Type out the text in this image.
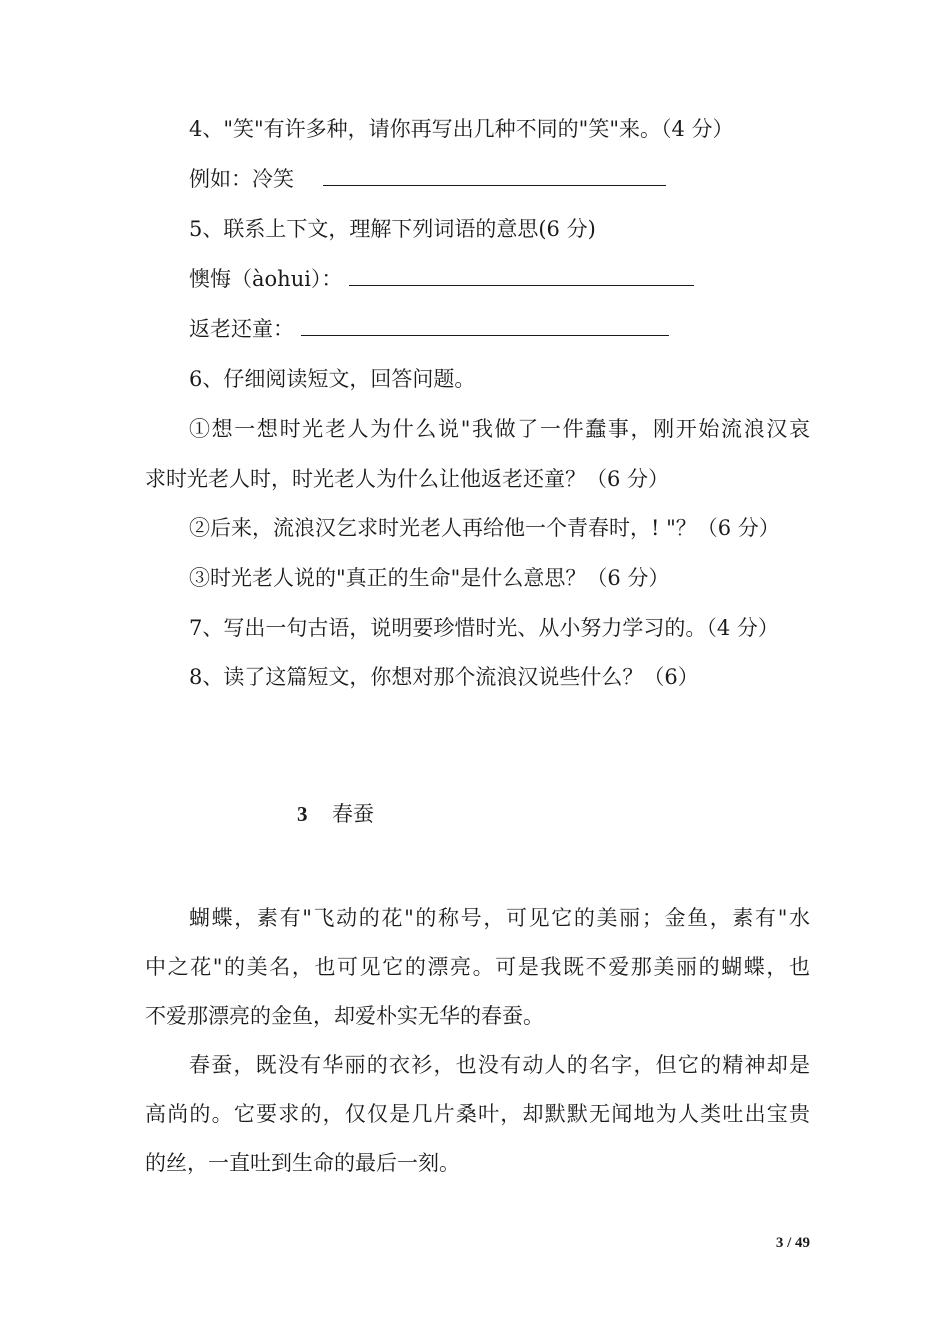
4、"笑"有许多种，请你再写出几种不同的"笑"来。（4 分）
例如：冷笑
5、联系上下文，理解下列词语的意思(6 分)
懊悔（àohui）：
返老还童：
6、仔细阅读短文，回答问题。
①想一想时光老人为什么说"我做了一件蠢事，刚开始流浪汉哀
求时光老人时，时光老人为什么让他返老还童？（6 分）
②后来，流浪汉乞求时光老人再给他一个青春时，! "？（6 分）
③时光老人说的"真正的生命"是什么意思？（6 分）
7、写出一句古语，说明要珍惜时光、从小努力学习的。（4 分）
8、读了这篇短文，你想对那个流浪汉说些什么？（6）
3 春蚕
蝴蝶，素有"飞动的花"的称号，可见它的美丽；金鱼，素有"水
中之花"的美名，也可见它的漂亮。可是我既不爱那美丽的蝴蝶，也
不爱那漂亮的金鱼，却爱朴实无华的春蚕。
春蚕，既没有华丽的衣衫，也没有动人的名字，但它的精神却是
高尚的。它要求的，仅仅是几片桑叶，却默默无闻地为人类吐出宝贵
的丝，一直吐到生命的最后一刻。
3 / 49
